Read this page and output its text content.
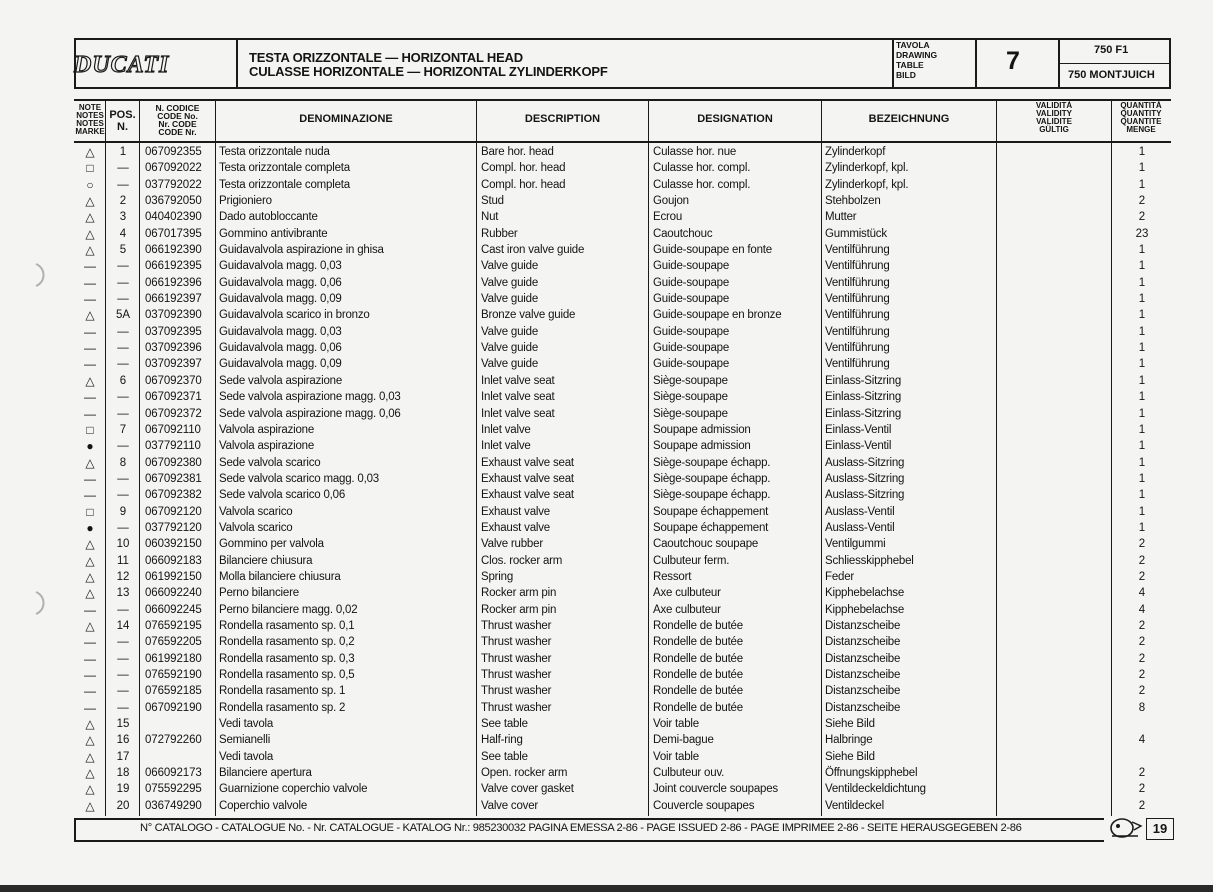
DUCATI	TESTA ORIZZONTALE — HORIZONTAL HEAD
CULASSE HORIZONTALE — HORIZONTAL ZYLINDERKOPF
TAVOLA
DRAWING
TABLE
BILD	7	750 F1
750 MONTJUICH
NOTE
NOTES
NOTES
MARKE
POS.
N.
N. CODICE
CODE No.
Nr. CODE
CODE Nr.
DENOMINAZIONE	DESCRIPTION	DESIGNATION	BEZEICHNUNG
VALIDITÀ
VALIDITY
VALIDITE
GÜLTIG
QUANTITÀ
QUANTITY
QUANTITE
MENGE
△	1	067092355 Testa orizzontale nuda	Bare hor. head	Culasse hor. nue	Zylinderkopf	1
□	—	067092022 Testa orizzontale completa	Compl. hor. head	Culasse hor. compl.	Zylinderkopf, kpl.	1
○	—	037792022 Testa orizzontale completa	Compl. hor. head	Culasse hor. compl.	Zylinderkopf, kpl.	1
△	2	036792050 Prigioniero	Stud	Goujon	Stehbolzen	2
△	3	040402390 Dado autobloccante	Nut	Ecrou	Mutter	2
△	4	067017395 Gommino antivibrante	Rubber	Caoutchouc	Gummistück	23
△	5	066192390 Guidavalvola aspirazione in ghisa	Cast iron valve guide	Guide-soupape en fonte	Ventilführung	1
—	—	066192395 Guidavalvola magg. 0,03	Valve guide	Guide-soupape	Ventilführung	1
—	—	066192396 Guidavalvola magg. 0,06	Valve guide	Guide-soupape	Ventilführung	1
—	—	066192397 Guidavalvola magg. 0,09	Valve guide	Guide-soupape	Ventilführung	1
△	5A	037092390 Guidavalvola scarico in bronzo	Bronze valve guide	Guide-soupape en bronze	Ventilführung	1
—	—	037092395 Guidavalvola magg. 0,03	Valve guide	Guide-soupape	Ventilführung	1
—	—	037092396 Guidavalvola magg. 0,06	Valve guide	Guide-soupape	Ventilführung	1
—	—	037092397 Guidavalvola magg. 0,09	Valve guide	Guide-soupape	Ventilführung	1
△	6	067092370 Sede valvola aspirazione	Inlet valve seat	Siège-soupape	Einlass-Sitzring	1
—	—	067092371 Sede valvola aspirazione magg. 0,03	Inlet valve seat	Siège-soupape	Einlass-Sitzring	1
—	—	067092372 Sede valvola aspirazione magg. 0,06	Inlet valve seat	Siège-soupape	Einlass-Sitzring	1
□	7	067092110 Valvola aspirazione	Inlet valve	Soupape admission	Einlass-Ventil	1
●	—	037792110 Valvola aspirazione	Inlet valve	Soupape admission	Einlass-Ventil	1
△	8	067092380 Sede valvola scarico	Exhaust valve seat	Siège-soupape échapp.	Auslass-Sitzring	1
—	—	067092381 Sede valvola scarico magg. 0,03	Exhaust valve seat	Siège-soupape échapp.	Auslass-Sitzring	1
—	—	067092382 Sede valvola scarico 0,06	Exhaust valve seat	Siège-soupape échapp.	Auslass-Sitzring	1
□	9	067092120 Valvola scarico	Exhaust valve	Soupape échappement	Auslass-Ventil	1
●	—	037792120 Valvola scarico	Exhaust valve	Soupape échappement	Auslass-Ventil	1
△	10	060392150 Gommino per valvola	Valve rubber	Caoutchouc soupape	Ventilgummi	2
△	11	066092183 Bilanciere chiusura	Clos. rocker arm	Culbuteur ferm.	Schliesskipphebel	2
△	12	061992150 Molla bilanciere chiusura	Spring	Ressort	Feder	2
△	13	066092240 Perno bilanciere	Rocker arm pin	Axe culbuteur	Kipphebelachse	4
—	—	066092245 Perno bilanciere magg. 0,02	Rocker arm pin	Axe culbuteur	Kipphebelachse	4
△	14	076592195 Rondella rasamento sp. 0,1	Thrust washer	Rondelle de butée	Distanzscheibe	2
—	—	076592205 Rondella rasamento sp. 0,2	Thrust washer	Rondelle de butée	Distanzscheibe	2
—	—	061992180 Rondella rasamento sp. 0,3	Thrust washer	Rondelle de butée	Distanzscheibe	2
—	—	076592190 Rondella rasamento sp. 0,5	Thrust washer	Rondelle de butée	Distanzscheibe	2
—	—	076592185 Rondella rasamento sp. 1	Thrust washer	Rondelle de butée	Distanzscheibe	2
—	—	067092190 Rondella rasamento sp. 2	Thrust washer	Rondelle de butée	Distanzscheibe	8
△	15	Vedi tavola	See table	Voir table	Siehe Bild
△	16	072792260 Semianelli	Half-ring	Demi-bague	Halbringe	4
△	17	Vedi tavola	See table	Voir table	Siehe Bild
△	18	066092173 Bilanciere apertura	Open. rocker arm	Culbuteur ouv.	Öffnungskipphebel	2
△	19	075592295 Guarnizione coperchio valvole	Valve cover gasket	Joint couvercle soupapes	Ventildeckeldichtung	2
△	20	036749290 Coperchio valvole	Valve cover	Couvercle soupapes	Ventildeckel	2
N° CATALOGO - CATALOGUE No. - Nr. CATALOGUE - KATALOG Nr.: 985230032 PAGINA EMESSA 2-86 - PAGE ISSUED 2-86 - PAGE IMPRIMEE 2-86 - SEITE HERAUSGEGEBEN 2-86	19
